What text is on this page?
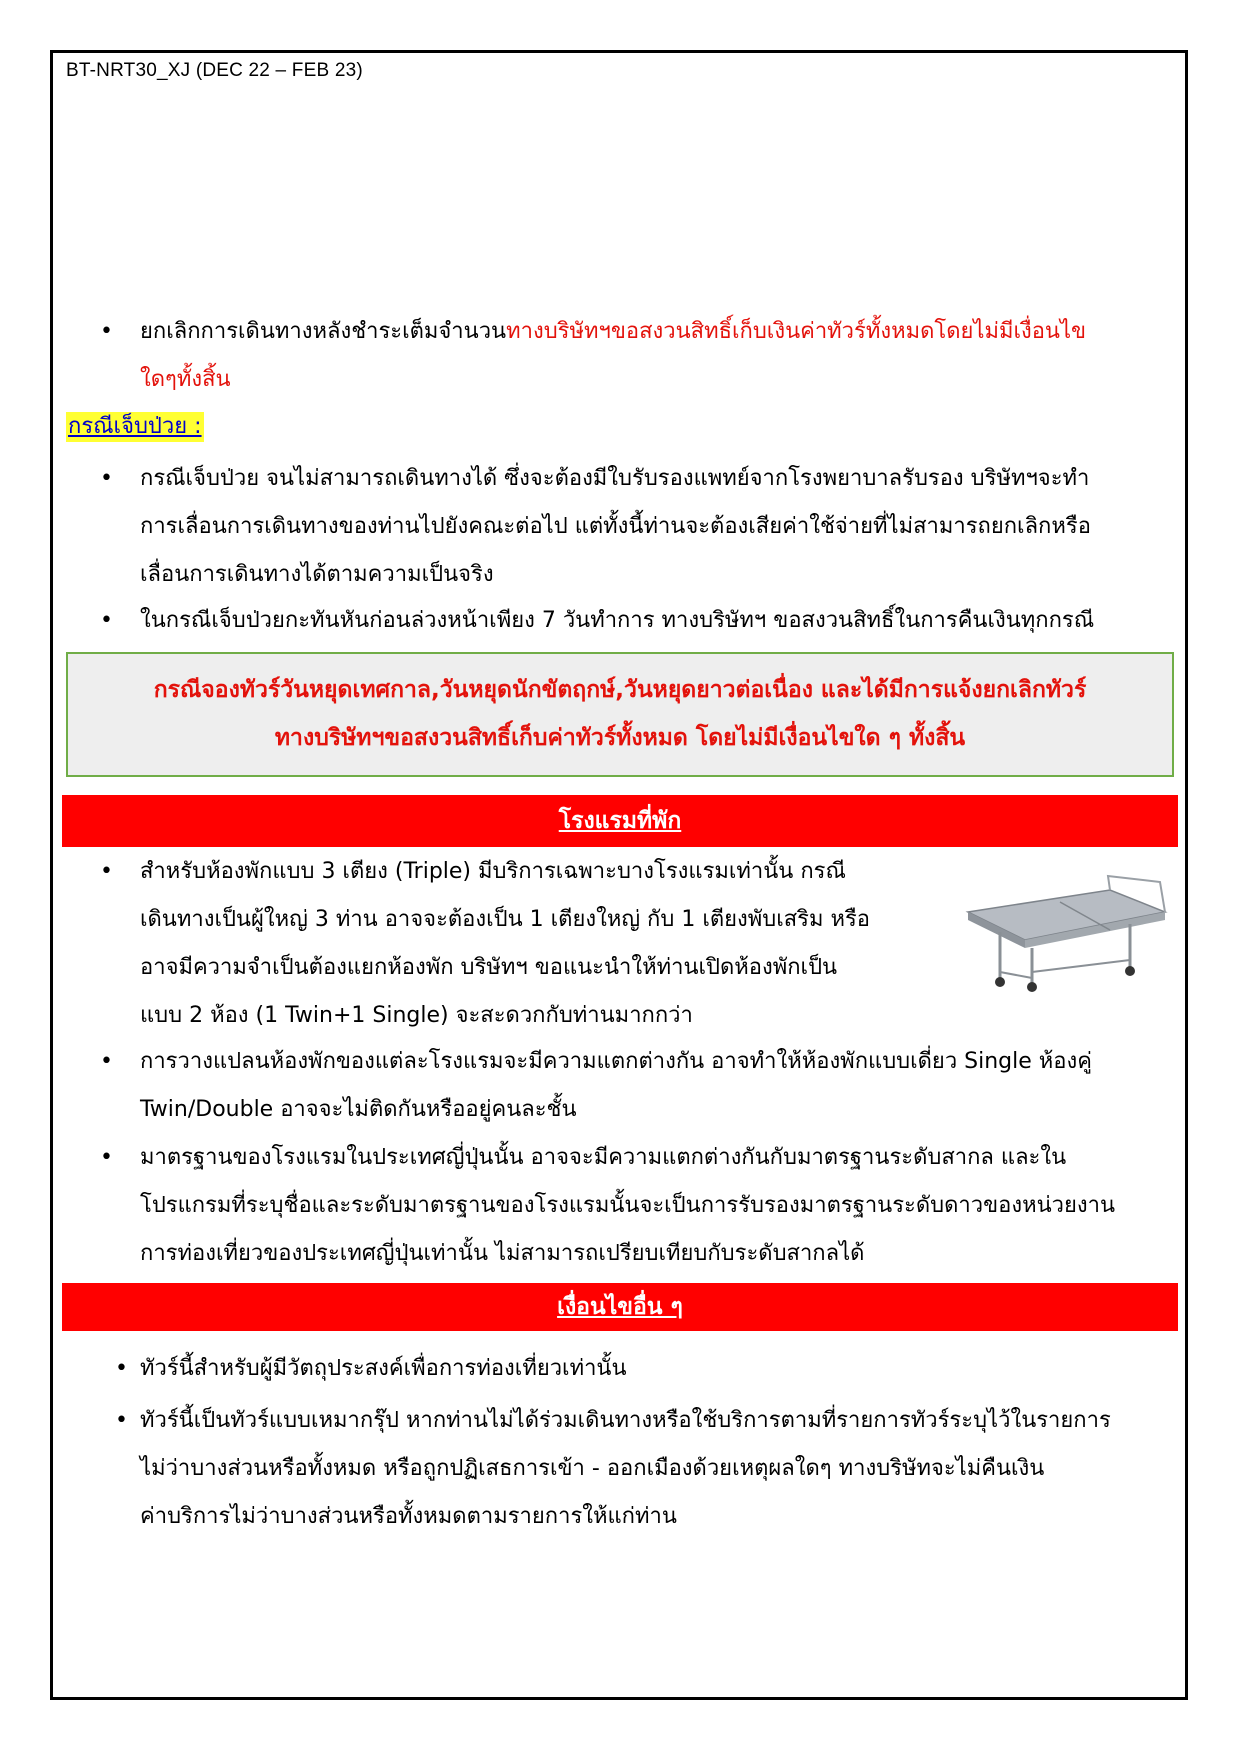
BT-NRT30_XJ (DEC 22 – FEB 23)
• ยกเลิกการเดินทางหลังชำระเต็มจำนวนทางบริษัทฯขอสงวนสิทธิ์เก็บเงินค่าทัวร์ทั้งหมดโดยไม่มีเงื่อนไข
ใดๆทั้งสิ้น
กรณีเจ็บป่วย :
• กรณีเจ็บป่วย จนไม่สามารถเดินทางได้ ซึ่งจะต้องมีใบรับรองแพทย์จากโรงพยาบาลรับรอง บริษัทฯจะทำ
การเลื่อนการเดินทางของท่านไปยังคณะต่อไป แต่ทั้งนี้ท่านจะต้องเสียค่าใช้จ่ายที่ไม่สามารถยกเลิกหรือ
เลื่อนการเดินทางได้ตามความเป็นจริง
• ในกรณีเจ็บป่วยกะทันหันก่อนล่วงหน้าเพียง 7 วันทำการ ทางบริษัทฯ ขอสงวนสิทธิ์ในการคืนเงินทุกกรณี
กรณีจองทัวร์วันหยุดเทศกาล,วันหยุดนักขัตฤกษ์,วันหยุดยาวต่อเนื่อง และได้มีการแจ้งยกเลิกทัวร์
ทางบริษัทฯขอสงวนสิทธิ์เก็บค่าทัวร์ทั้งหมด โดยไม่มีเงื่อนไขใด ๆ ทั้งสิ้น
โรงแรมที่พัก
• สำหรับห้องพักแบบ 3 เตียง (Triple) มีบริการเฉพาะบางโรงแรมเท่านั้น กรณี
เดินทางเป็นผู้ใหญ่ 3 ท่าน อาจจะต้องเป็น 1 เตียงใหญ่ กับ 1 เตียงพับเสริม หรือ
อาจมีความจำเป็นต้องแยกห้องพัก บริษัทฯ ขอแนะนำให้ท่านเปิดห้องพักเป็น
แบบ 2 ห้อง (1 Twin+1 Single) จะสะดวกกับท่านมากกว่า
• การวางแปลนห้องพักของแต่ละโรงแรมจะมีความแตกต่างกัน อาจทำให้ห้องพักแบบเดี่ยว Single ห้องคู่
Twin/Double อาจจะไม่ติดกันหรืออยู่คนละชั้น
• มาตรฐานของโรงแรมในประเทศญี่ปุ่นนั้น อาจจะมีความแตกต่างกันกับมาตรฐานระดับสากล และใน
โปรแกรมที่ระบุชื่อและระดับมาตรฐานของโรงแรมนั้นจะเป็นการรับรองมาตรฐานระดับดาวของหน่วยงาน
การท่องเที่ยวของประเทศญี่ปุ่นเท่านั้น ไม่สามารถเปรียบเทียบกับระดับสากลได้
เงื่อนไขอื่น ๆ
• ทัวร์นี้สำหรับผู้มีวัตถุประสงค์เพื่อการท่องเที่ยวเท่านั้น
• ทัวร์นี้เป็นทัวร์แบบเหมากรุ๊ป หากท่านไม่ได้ร่วมเดินทางหรือใช้บริการตามที่รายการทัวร์ระบุไว้ในรายการ
ไม่ว่าบางส่วนหรือทั้งหมด หรือถูกปฏิเสธการเข้า - ออกเมืองด้วยเหตุผลใดๆ ทางบริษัทจะไม่คืนเงิน
ค่าบริการไม่ว่าบางส่วนหรือทั้งหมดตามรายการให้แก่ท่าน
